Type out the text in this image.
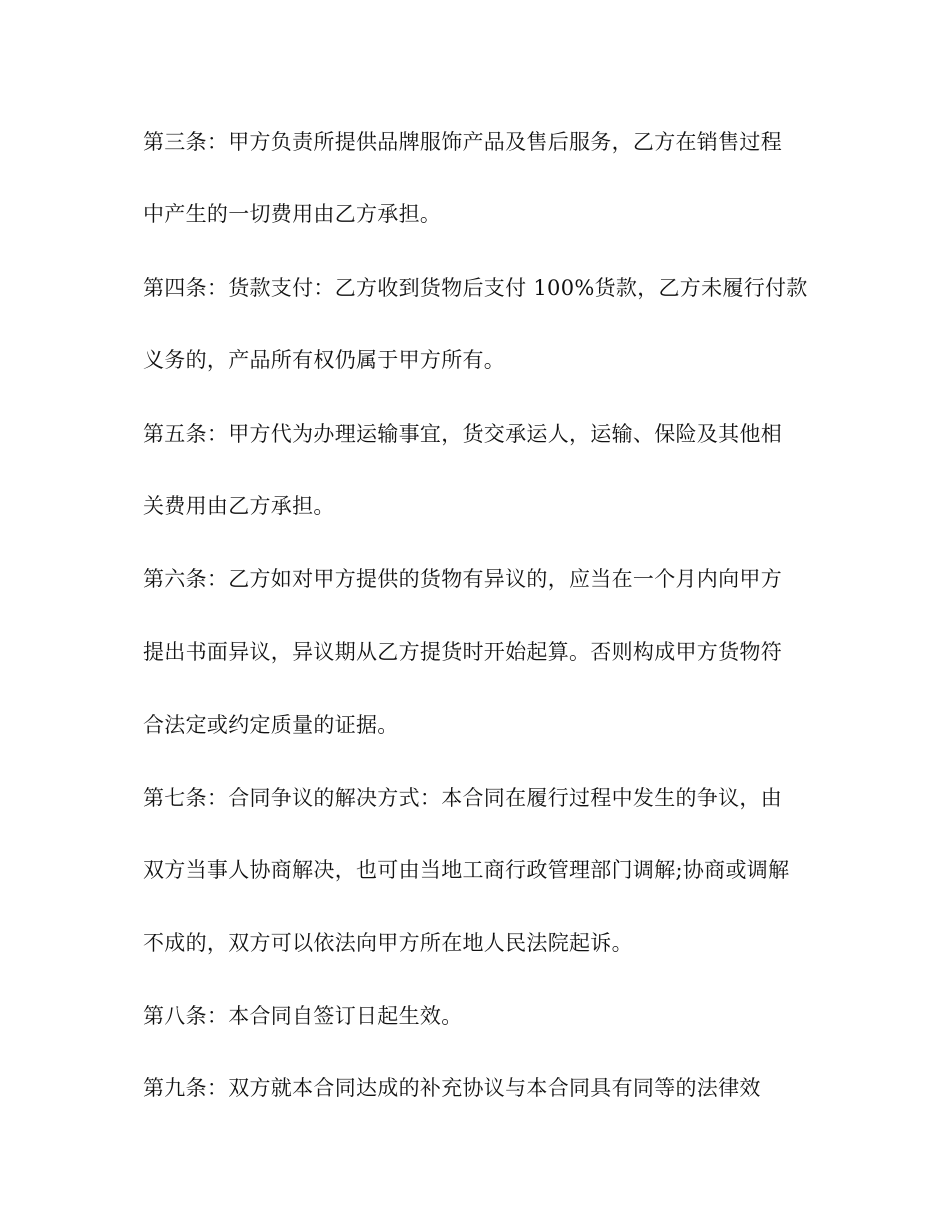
第三条：甲方负责所提供品牌服饰产品及售后服务，乙方在销售过程
中产生的一切费用由乙方承担。
第四条：货款支付：乙方收到货物后支付 100%货款，乙方未履行付款
义务的，产品所有权仍属于甲方所有。
第五条：甲方代为办理运输事宜，货交承运人，运输、保险及其他相
关费用由乙方承担。
第六条：乙方如对甲方提供的货物有异议的，应当在一个月内向甲方
提出书面异议，异议期从乙方提货时开始起算。否则构成甲方货物符
合法定或约定质量的证据。
第七条：合同争议的解决方式：本合同在履行过程中发生的争议，由
双方当事人协商解决，也可由当地工商行政管理部门调解;协商或调解
不成的，双方可以依法向甲方所在地人民法院起诉。
第八条：本合同自签订日起生效。
第九条：双方就本合同达成的补充协议与本合同具有同等的法律效
